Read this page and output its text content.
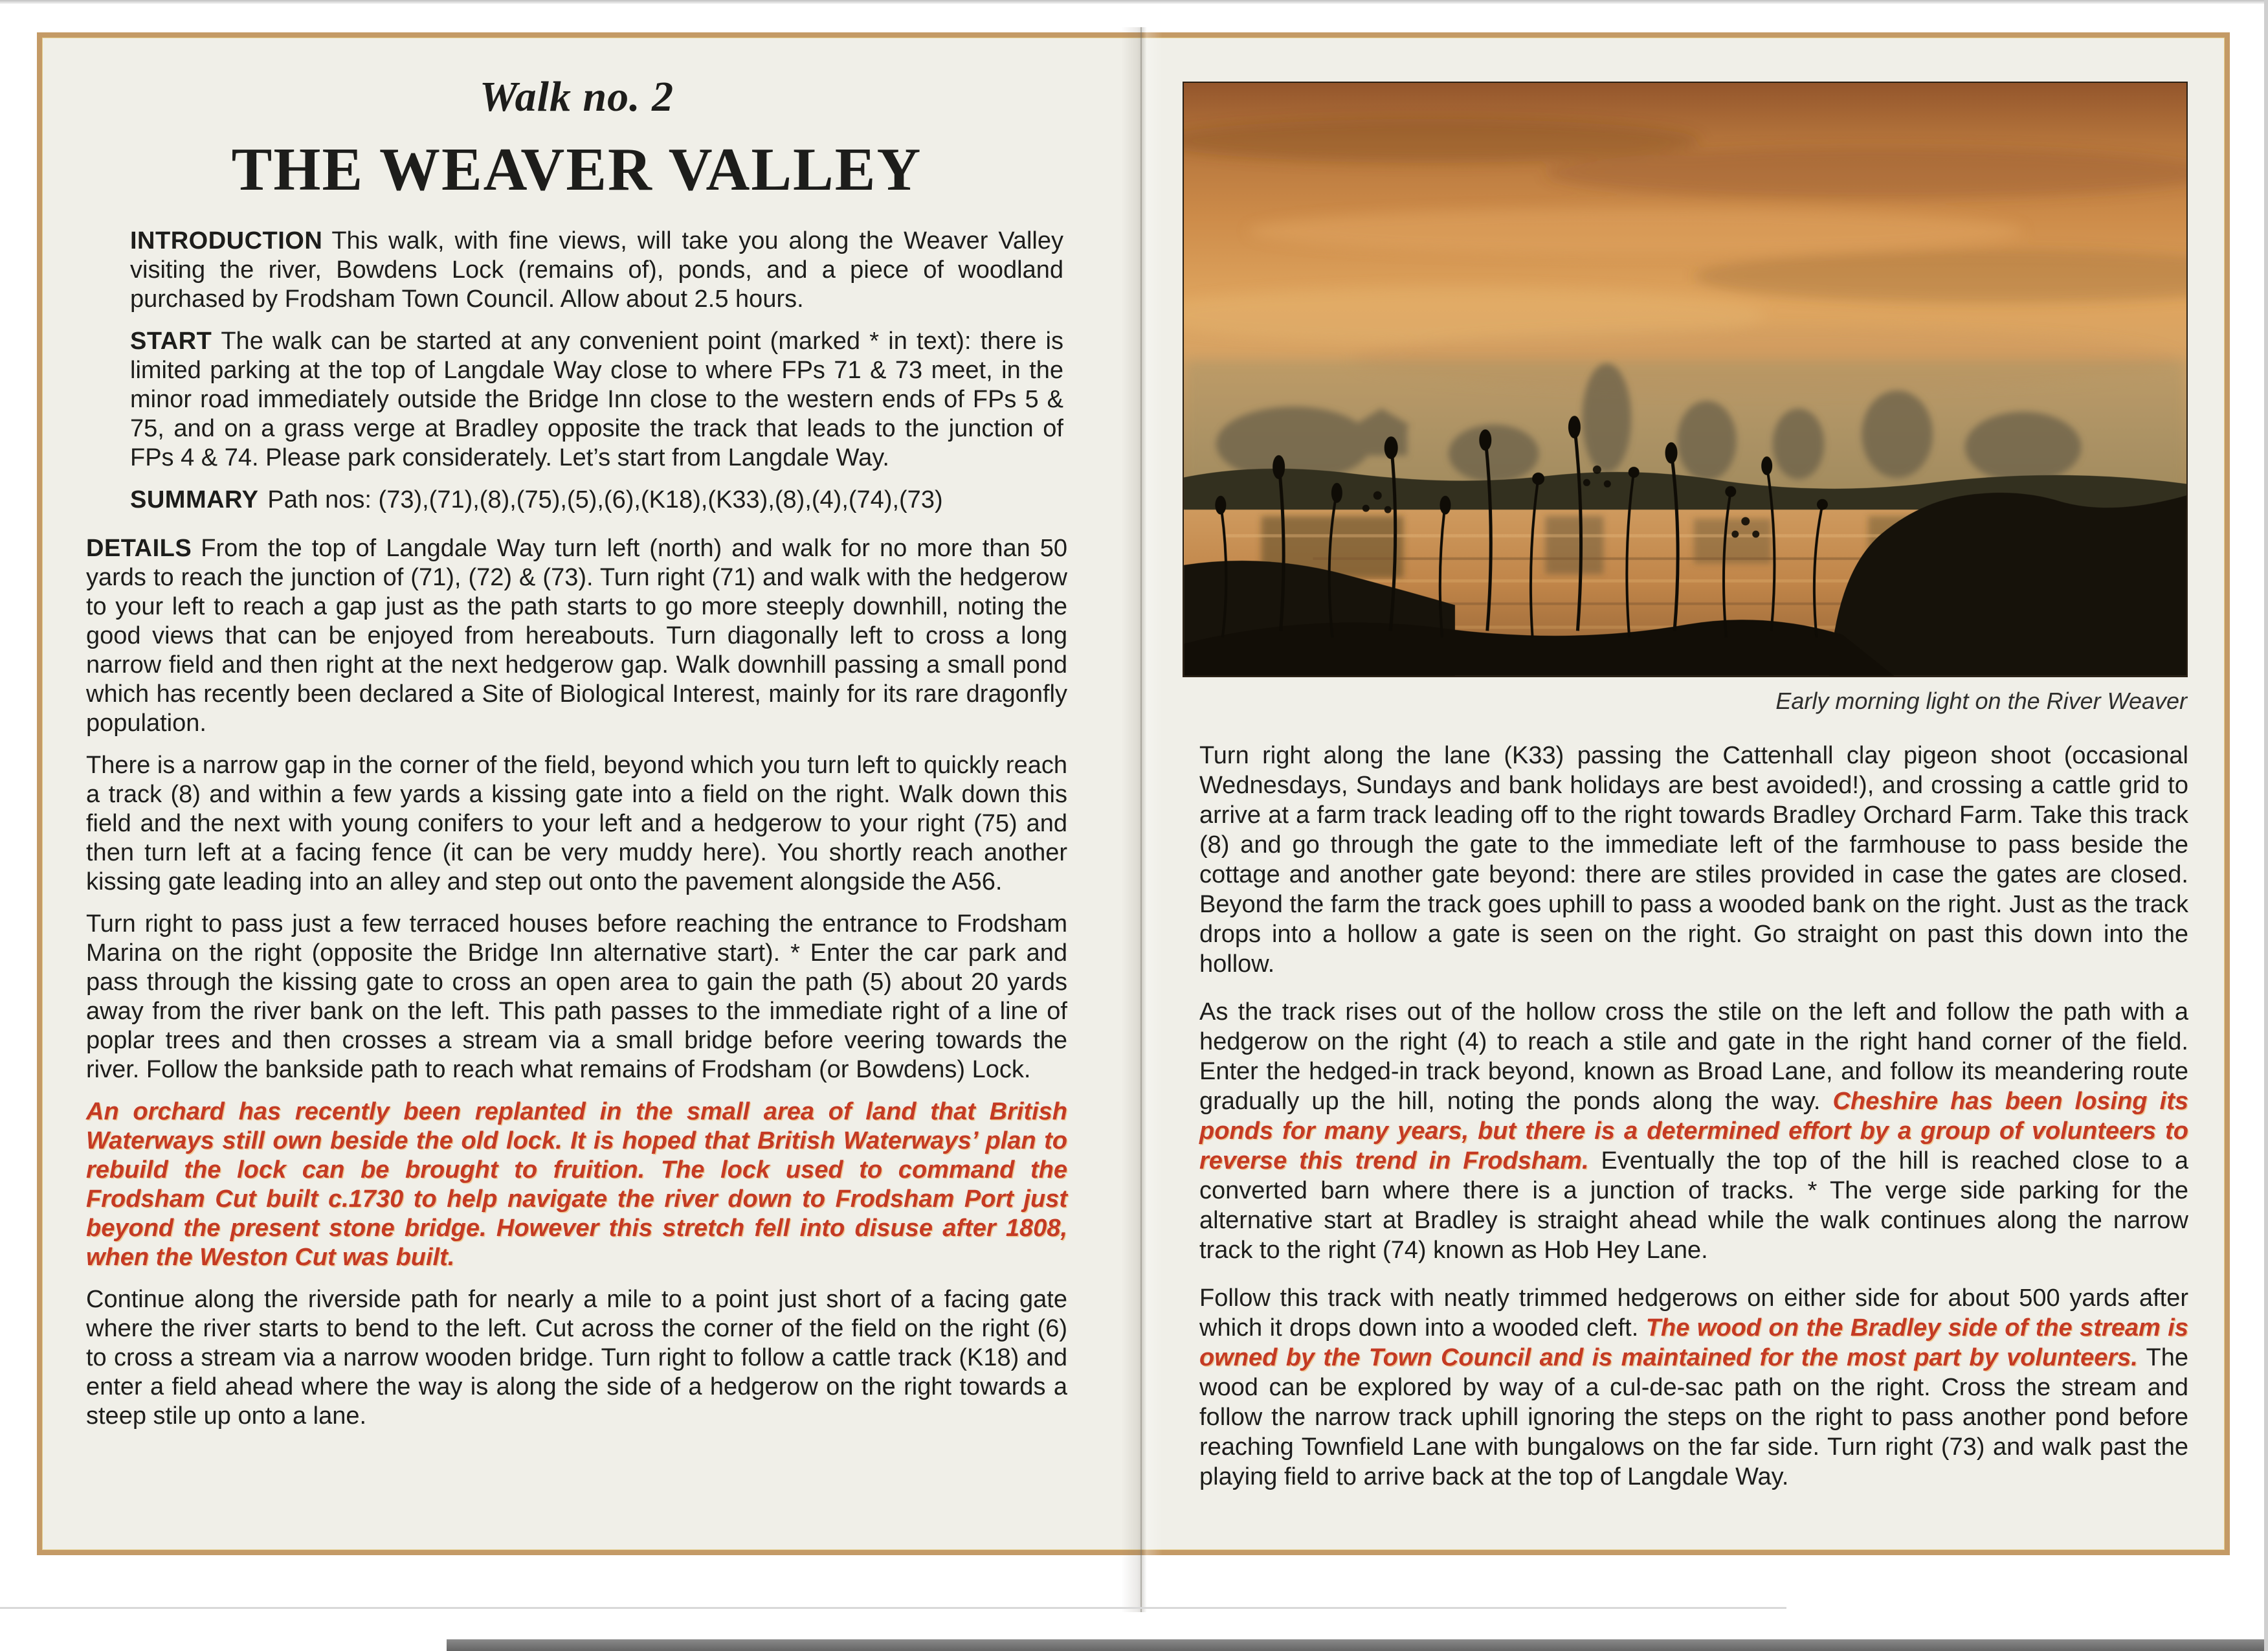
Walk no. 2
THE WEAVER VALLEY

INTRODUCTION This walk, with fine views, will take you along the Weaver Valley visiting the river, Bowdens Lock (remains of), ponds, and a piece of woodland purchased by Frodsham Town Council. Allow about 2.5 hours.

START The walk can be started at any convenient point (marked * in text): there is limited parking at the top of Langdale Way close to where FPs 71 & 73 meet, in the minor road immediately outside the Bridge Inn close to the western ends of FPs 5 & 75, and on a grass verge at Bradley opposite the track that leads to the junction of FPs 4 & 74. Please park considerately. Let’s start from Langdale Way.

SUMMARY Path nos: (73),(71),(8),(75),(5),(6),(K18),(K33),(8),(4),(74),(73)

DETAILS From the top of Langdale Way turn left (north) and walk for no more than 50 yards to reach the junction of (71), (72) & (73). Turn right (71) and walk with the hedgerow to your left to reach a gap just as the path starts to go more steeply downhill, noting the good views that can be enjoyed from hereabouts. Turn diagonally left to cross a long narrow field and then right at the next hedgerow gap. Walk downhill passing a small pond which has recently been declared a Site of Biological Interest, mainly for its rare dragonfly population.

There is a narrow gap in the corner of the field, beyond which you turn left to quickly reach a track (8) and within a few yards a kissing gate into a field on the right. Walk down this field and the next with young conifers to your left and a hedgerow to your right (75) and then turn left at a facing fence (it can be very muddy here). You shortly reach another kissing gate leading into an alley and step out onto the pavement alongside the A56.

Turn right to pass just a few terraced houses before reaching the entrance to Frodsham Marina on the right (opposite the Bridge Inn alternative start). * Enter the car park and pass through the kissing gate to cross an open area to gain the path (5) about 20 yards away from the river bank on the left. This path passes to the immediate right of a line of poplar trees and then crosses a stream via a small bridge before veering towards the river. Follow the bankside path to reach what remains of Frodsham (or Bowdens) Lock.

An orchard has recently been replanted in the small area of land that British Waterways still own beside the old lock. It is hoped that British Waterways’ plan to rebuild the lock can be brought to fruition. The lock used to command the Frodsham Cut built c.1730 to help navigate the river down to Frodsham Port just beyond the present stone bridge. However this stretch fell into disuse after 1808, when the Weston Cut was built.

Continue along the riverside path for nearly a mile to a point just short of a facing gate where the river starts to bend to the left. Cut across the corner of the field on the right (6) to cross a stream via a narrow wooden bridge. Turn right to follow a cattle track (K18) and enter a field ahead where the way is along the side of a hedgerow on the right towards a steep stile up onto a lane.

Early morning light on the River Weaver

Turn right along the lane (K33) passing the Cattenhall clay pigeon shoot (occasional Wednesdays, Sundays and bank holidays are best avoided!), and crossing a cattle grid to arrive at a farm track leading off to the right towards Bradley Orchard Farm. Take this track (8) and go through the gate to the immediate left of the farmhouse to pass beside the cottage and another gate beyond: there are stiles provided in case the gates are closed. Beyond the farm the track goes uphill to pass a wooded bank on the right. Just as the track drops into a hollow a gate is seen on the right. Go straight on past this down into the hollow.

As the track rises out of the hollow cross the stile on the left and follow the path with a hedgerow on the right (4) to reach a stile and gate in the right hand corner of the field. Enter the hedged-in track beyond, known as Broad Lane, and follow its meandering route gradually up the hill, noting the ponds along the way. Cheshire has been losing its ponds for many years, but there is a determined effort by a group of volunteers to reverse this trend in Frodsham. Eventually the top of the hill is reached close to a converted barn where there is a junction of tracks. * The verge side parking for the alternative start at Bradley is straight ahead while the walk continues along the narrow track to the right (74) known as Hob Hey Lane.

Follow this track with neatly trimmed hedgerows on either side for about 500 yards after which it drops down into a wooded cleft. The wood on the Bradley side of the stream is owned by the Town Council and is maintained for the most part by volunteers. The wood can be explored by way of a cul-de-sac path on the right. Cross the stream and follow the narrow track uphill ignoring the steps on the right to pass another pond before reaching Townfield Lane with bungalows on the far side. Turn right (73) and walk past the playing field to arrive back at the top of Langdale Way.
